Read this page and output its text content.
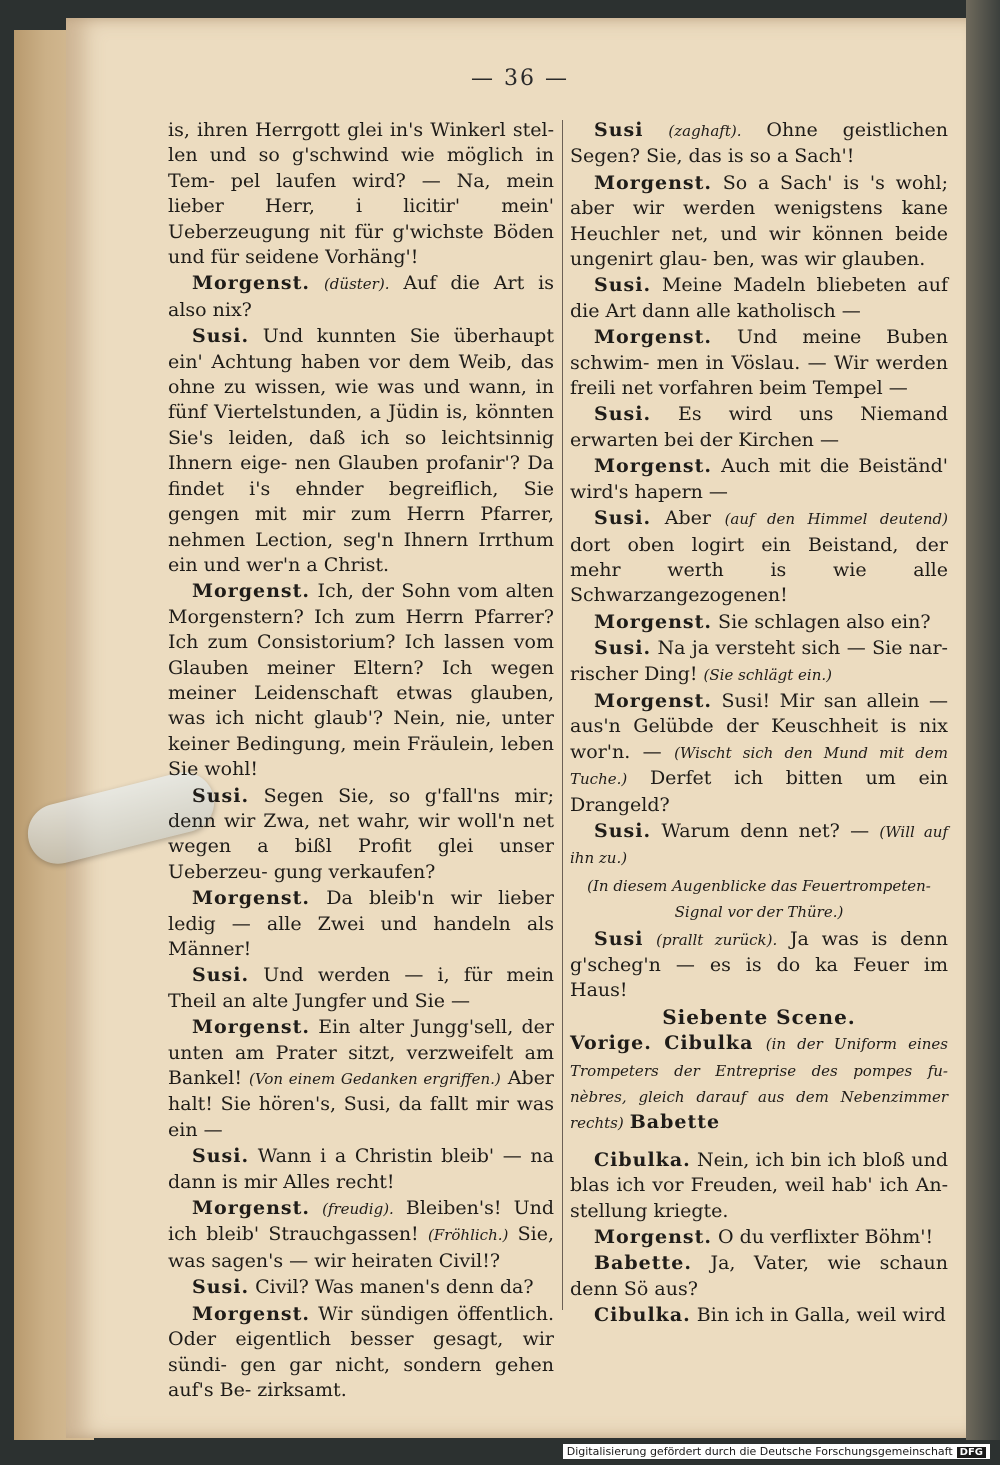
— 36 —

is, ihren Herrgott glei in's Winkerl stel- len und so g'schwind wie möglich in Tem- pel laufen wird? — Na, mein lieber Herr, i licitir' mein' Ueberzeugung nit für g'wichste Böden und für seidene Vorhäng'!

Morgenst. (düster). Auf die Art is also nix?

Susi. Und kunnten Sie überhaupt ein' Achtung haben vor dem Weib, das ohne zu wissen, wie was und wann, in fünf Viertelstunden, a Jüdin is, könnten Sie's leiden, daß ich so leichtsinnig Ihnern eige- nen Glauben profanir'? Da findet i's ehnder begreiflich, Sie gengen mit mir zum Herrn Pfarrer, nehmen Lection, seg'n Ihnern Irrthum ein und wer'n a Christ.

Morgenst. Ich, der Sohn vom alten Morgenstern? Ich zum Herrn Pfarrer? Ich zum Consistorium? Ich lassen vom Glauben meiner Eltern? Ich wegen meiner Leidenschaft etwas glauben, was ich nicht glaub'? Nein, nie, unter keiner Bedingung, mein Fräulein, leben Sie wohl!

Susi. Segen Sie, so g'fall'ns mir; denn wir Zwa, net wahr, wir woll'n net wegen a bißl Profit glei unser Ueberzeu- gung verkaufen?

Morgenst. Da bleib'n wir lieber ledig — alle Zwei und handeln als Männer!

Susi. Und werden — i, für mein Theil an alte Jungfer und Sie —

Morgenst. Ein alter Jungg'sell, der unten am Prater sitzt, verzweifelt am Bankel! (Von einem Gedanken ergriffen.) Aber halt! Sie hören's, Susi, da fallt mir was ein —

Susi. Wann i a Christin bleib' — na dann is mir Alles recht!

Morgenst. (freudig). Bleiben's! Und ich bleib' Strauchgassen! (Fröhlich.) Sie, was sagen's — wir heiraten Civil!?

Susi. Civil? Was manen's denn da?

Morgenst. Wir sündigen öffentlich. Oder eigentlich besser gesagt, wir sündi- gen gar nicht, sondern gehen auf's Be- zirksamt.

Susi (zaghaft). Ohne geistlichen Segen? Sie, das is so a Sach'!

Morgenst. So a Sach' is 's wohl; aber wir werden wenigstens kane Heuchler net, und wir können beide ungenirt glau- ben, was wir glauben.

Susi. Meine Madeln bliebeten auf die Art dann alle katholisch —

Morgenst. Und meine Buben schwim- men in Vöslau. — Wir werden freili net vorfahren beim Tempel —

Susi. Es wird uns Niemand erwarten bei der Kirchen —

Morgenst. Auch mit die Beiständ' wird's hapern —

Susi. Aber (auf den Himmel deutend) dort oben logirt ein Beistand, der mehr werth is wie alle Schwarzangezogenen!

Morgenst. Sie schlagen also ein?

Susi. Na ja versteht sich — Sie nar- rischer Ding! (Sie schlägt ein.)

Morgenst. Susi! Mir san allein — aus'n Gelübde der Keuschheit is nix wor'n. — (Wischt sich den Mund mit dem Tuche.) Derfet ich bitten um ein Drangeld?

Susi. Warum denn net? — (Will auf ihn zu.)

(In diesem Augenblicke das Feuertrompeten- Signal vor der Thüre.)

Susi (prallt zurück). Ja was is denn g'scheg'n — es is do ka Feuer im Haus!

Siebente Scene.

Vorige. Cibulka (in der Uniform eines Trompeters der Entreprise des pompes fu- nèbres, gleich darauf aus dem Nebenzimmer rechts) Babette

Cibulka. Nein, ich bin ich bloß und blas ich vor Freuden, weil hab' ich An- stellung kriegte.

Morgenst. O du verflixter Böhm'!

Babette. Ja, Vater, wie schaun denn Sö aus?

Cibulka. Bin ich in Galla, weil wird

Digitalisierung gefördert durch die Deutsche Forschungsgemeinschaft DFG
